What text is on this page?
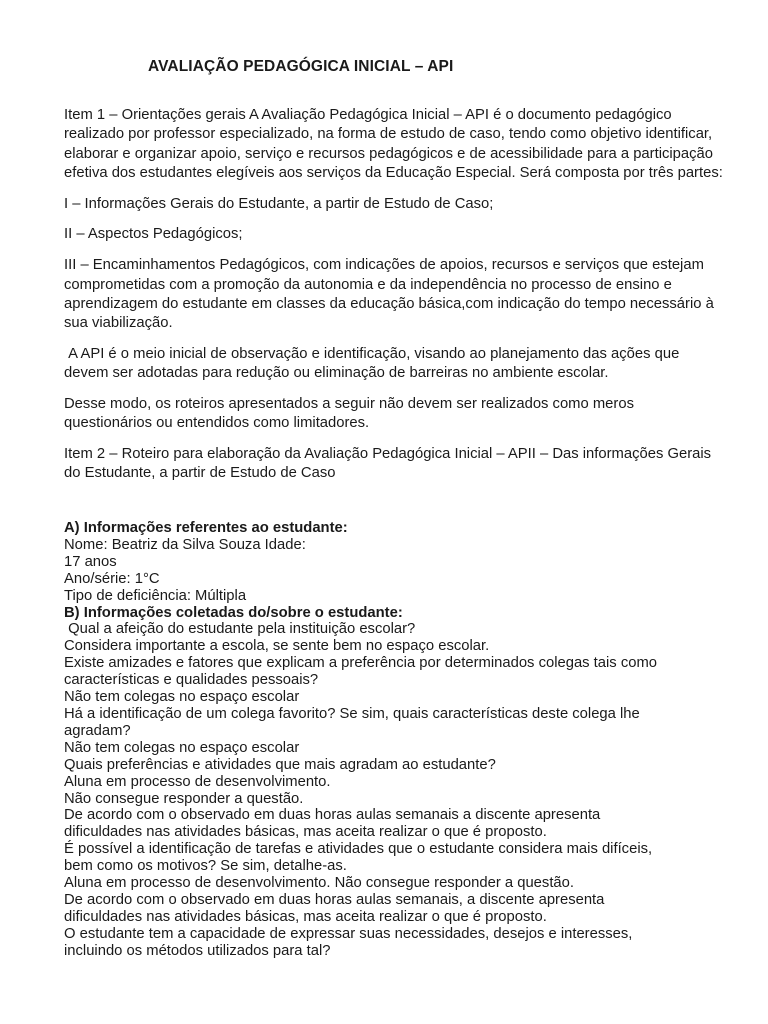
AVALIAÇÃO PEDAGÓGICA INICIAL – API

Item 1 – Orientações gerais A Avaliação Pedagógica Inicial – API é o documento pedagógico realizado por professor especializado, na forma de estudo de caso, tendo como objetivo identificar, elaborar e organizar apoio, serviço e recursos pedagógicos e de acessibilidade para a participação efetiva dos estudantes elegíveis aos serviços da Educação Especial. Será composta por três partes:

I – Informações Gerais do Estudante, a partir de Estudo de Caso;

II – Aspectos Pedagógicos;

III – Encaminhamentos Pedagógicos, com indicações de apoios, recursos e serviços que estejam comprometidas com a promoção da autonomia e da independência no processo de ensino e aprendizagem do estudante em classes da educação básica,com indicação do tempo necessário à sua viabilização.

A API é o meio inicial de observação e identificação, visando ao planejamento das ações que devem ser adotadas para redução ou eliminação de barreiras no ambiente escolar.

Desse modo, os roteiros apresentados a seguir não devem ser realizados como meros questionários ou entendidos como limitadores.

Item 2 – Roteiro para elaboração da Avaliação Pedagógica Inicial – APII – Das informações Gerais do Estudante, a partir de Estudo de Caso

A) Informações referentes ao estudante:
Nome: Beatriz da Silva Souza Idade:
17 anos
Ano/série: 1°C
Tipo de deficiência: Múltipla
B) Informações coletadas do/sobre o estudante:
Qual a afeição do estudante pela instituição escolar?
Considera importante a escola, se sente bem no espaço escolar.
Existe amizades e fatores que explicam a preferência por determinados colegas tais como
características e qualidades pessoais?
Não tem colegas no espaço escolar
Há a identificação de um colega favorito? Se sim, quais características deste colega lhe
agradam?
Não tem colegas no espaço escolar
Quais preferências e atividades que mais agradam ao estudante?
Aluna em processo de desenvolvimento.
Não consegue responder a questão.
De acordo com o observado em duas horas aulas semanais a discente apresenta
dificuldades nas atividades básicas, mas aceita realizar o que é proposto.
É possível a identificação de tarefas e atividades que o estudante considera mais difíceis,
bem como os motivos? Se sim, detalhe-as.
Aluna em processo de desenvolvimento. Não consegue responder a questão.
De acordo com o observado em duas horas aulas semanais, a discente apresenta
dificuldades nas atividades básicas, mas aceita realizar o que é proposto.
O estudante tem a capacidade de expressar suas necessidades, desejos e interesses,
incluindo os métodos utilizados para tal?
